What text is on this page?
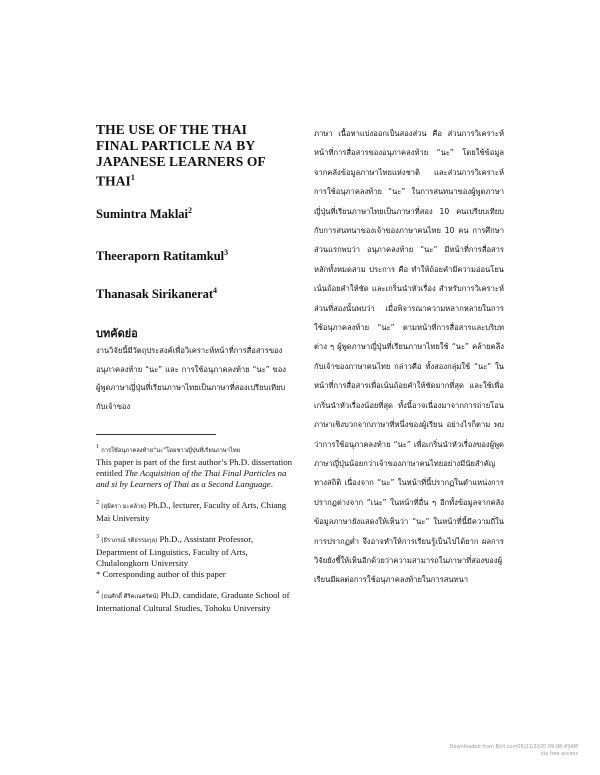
THE USE OF THE THAI
FINAL PARTICLE NA BY
JAPANESE LEARNERS OF
THAI$^1$

Sumintra Maklai$^2$

Theeraporn Ratitamkul$^3$

Thanasak Sirikanerat$^4$

บทคัดย่อ

งานวิจัยนี้มีวัตถุประสงค์เพื่อวิเคราะห์หน้าที่การสื่อสารของอนุภาคลงท้าย “นะ” และ การใช้อนุภาคลงท้าย “นะ” ของผู้พูดภาษาญี่ปุ่นที่เรียนภาษาไทยเป็นภาษาที่สองเปรียบเทียบกับเจ้าของ

$^1$ การใช้อนุภาคลงท้าย“นะ”โดยชาวญี่ปุ่นที่เรียนภาษาไทย
This paper is part of the first author’s Ph.D. dissertation entitled The Acquisition of the Thai Final Particles na and si by Learners of Thai as a Second Language.

$^2$ (สุมิตรา มะคล้าย) Ph.D., lecturer, Faculty of Arts, Chiang Mai University

$^3$ (ธีราภรณ์ รติธรรมกุล) Ph.D., Assistant Professor, Department of Linguistics, Faculty of Arts, Chulalongkorn University
* Corresponding author of this paper

$^4$ (ธนศักดิ์ ศิริคเณศรัตน์) Ph.D. candidate, Graduate School of International Cultural Studies, Tohoku University

ภาษา เนื้อหาแบ่งออกเป็นสองส่วน คือ ส่วนการวิเคราะห์หน้าที่การสื่อสารของอนุภาคลงท้าย “นะ” โดยใช้ข้อมูลจากคลังข้อมูลภาษาไทยแห่งชาติ และส่วนการวิเคราะห์การใช้อนุภาคลงท้าย “นะ” ในการสนทนาของผู้พูดภาษาญี่ปุ่นที่เรียนภาษาไทยเป็นภาษาที่สอง 10 คนเปรียบเทียบกับการสนทนาของเจ้าของภาษาคนไทย 10 คน การศึกษาส่วนแรกพบว่า อนุภาคลงท้าย “นะ” มีหน้าที่การสื่อสารหลักทั้งหมดสาม ประการ คือ ทำให้ถ้อยคำมีความอ่อนโยน เน้นถ้อยคำให้ชัด และเกริ่นนำหัวเรื่อง สำหรับการวิเคราะห์ส่วนที่สองนั้นพบว่า เมื่อพิจารณาความหลากหลายในการใช้อนุภาคลงท้าย “นะ” ตามหน้าที่การสื่อสารและบริบทต่าง ๆ ผู้พูดภาษาญี่ปุ่นที่เรียนภาษาไทยใช้ “นะ” คล้ายคลึงกับเจ้าของภาษาคนไทย กล่าวคือ ทั้งสองกลุ่มใช้ “นะ” ในหน้าที่การสื่อสารเพื่อเน้นถ้อยคำให้ชัดมากที่สุด และใช้เพื่อเกริ่นนำหัวเรื่องน้อยที่สุด ทั้งนี้อาจเนื่องมาจากการถ่ายโอนภาษาเชิงบวกจากภาษาที่หนึ่งของผู้เรียน อย่างไรก็ตาม พบว่าการใช้อนุภาคลงท้าย “นะ” เพื่อเกริ่นนำหัวเรื่องของผู้พูดภาษาญี่ปุ่นน้อยกว่าเจ้าของภาษาคนไทยอย่างมีนัยสำคัญทางสถิติ เนื่องจาก “นะ” ในหน้าที่นี้ปรากฏในตำแหน่งการปรากฏต่างจาก “เนะ” ในหน้าที่อื่น ๆ อีกทั้งข้อมูลจากคลังข้อมูลภาษายังแสดงให้เห็นว่า “นะ” ในหน้าที่นี้มีความถี่ในการปรากฏต่ำ จึงอาจทำให้การเรียนรู้เป็นไปได้ยาก ผลการวิจัยยังชี้ให้เห็นอีกด้วยว่าความสามารถในภาษาที่สองของผู้เรียนมีผลต่อการใช้อนุภาคลงท้ายในการสนทนา

Downloaded from Brill.com05/21/2020 09:08:45AM
via free access
